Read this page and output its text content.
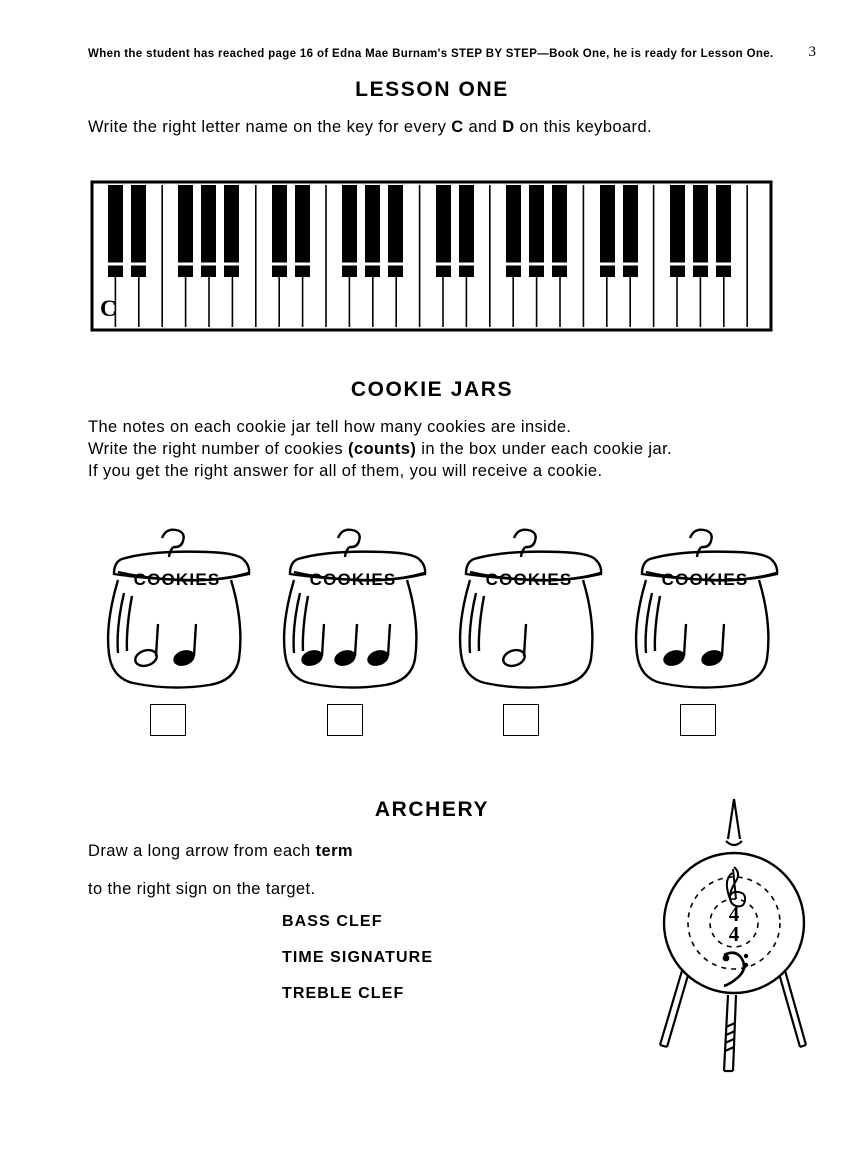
When the student has reached page 16 of Edna Mae Burnam's STEP BY STEP—Book One, he is ready for Lesson One. 3
LESSON ONE
Write the right letter name on the key for every C and D on this keyboard.
C
COOKIE JARS
The notes on each cookie jar tell how many cookies are inside.
Write the right number of cookies (counts) in the box under each cookie jar.
If you get the right answer for all of them, you will receive a cookie.
COOKIES	COOKIES	COOKIES	COOKIES
ARCHERY
Draw a long arrow from each term
to the right sign on the target.
BASS CLEF
TIME SIGNATURE
TREBLE CLEF
4
4
